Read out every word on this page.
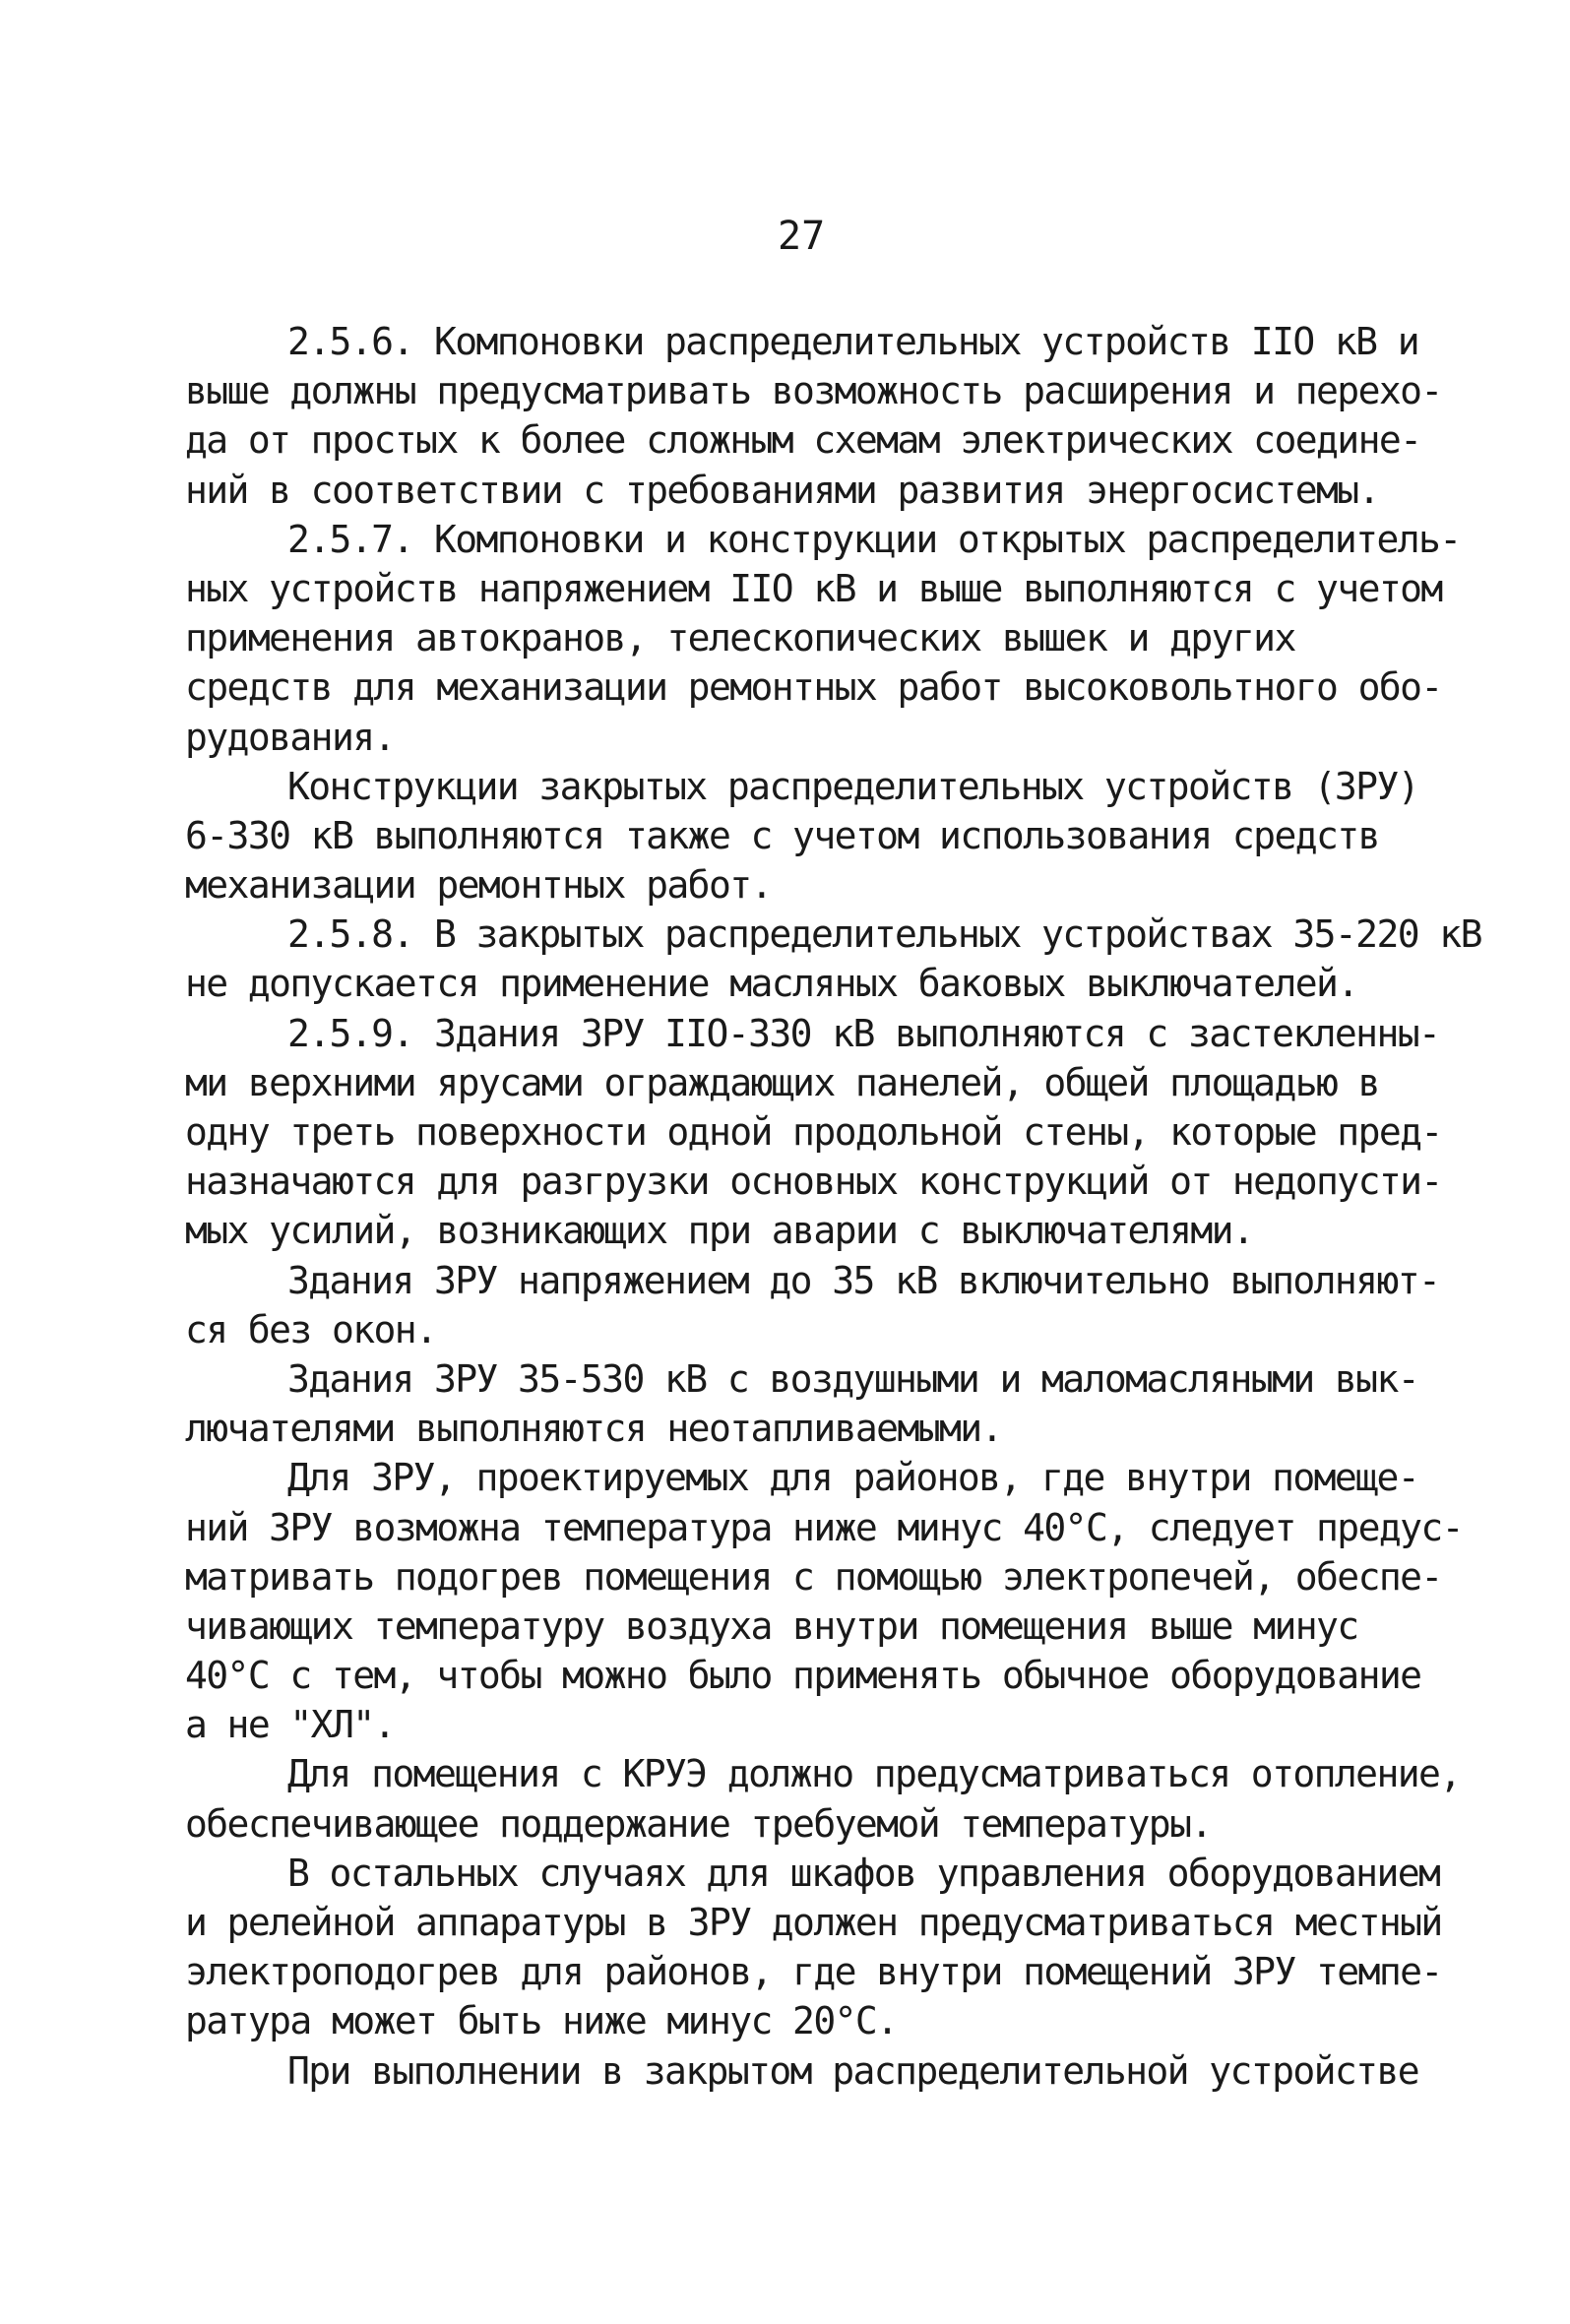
27
2.5.6. Компоновки распределительных устройств IIO кВ и
выше должны предусматривать возможность расширения и перехо-
да от простых к более сложным схемам электрических соедине-
ний в соответствии с требованиями развития энергосистемы.
2.5.7. Компоновки и конструкции открытых распределитель-
ных устройств напряжением IIO кВ и выше выполняются с учетом
применения автокранов, телескопических вышек и других
средств для механизации ремонтных работ высоковольтного обо-
рудования.
Конструкции закрытых распределительных устройств (ЗРУ)
6-330 кВ выполняются также с учетом использования средств
механизации ремонтных работ.
2.5.8. В закрытых распределительных устройствах 35-220 кВ
не допускается применение масляных баковых выключателей.
2.5.9. Здания ЗРУ IIO-330 кВ выполняются с застекленны-
ми верхними ярусами ограждающих панелей, общей площадью в
одну треть поверхности одной продольной стены, которые пред-
назначаются для разгрузки основных конструкций от недопусти-
мых усилий, возникающих при аварии с выключателями.
Здания ЗРУ напряжением до 35 кВ включительно выполняют-
ся без окон.
Здания ЗРУ 35-530 кВ с воздушными и маломасляными вык-
лючателями выполняются неотапливаемыми.
Для ЗРУ, проектируемых для районов, где внутри помеще-
ний ЗРУ возможна температура ниже минус 40°С, следует предус-
матривать подогрев помещения с помощью электропечей, обеспе-
чивающих температуру воздуха внутри помещения выше минус
40°С с тем, чтобы можно было применять обычное оборудование
а не "ХЛ".
Для помещения с КРУЭ должно предусматриваться отопление,
обеспечивающее поддержание требуемой температуры.
В остальных случаях для шкафов управления оборудованием
и релейной аппаратуры в ЗРУ должен предусматриваться местный
электроподогрев для районов, где внутри помещений ЗРУ темпе-
ратура может быть ниже минус 20°С.
При выполнении в закрытом распределительной устройстве
